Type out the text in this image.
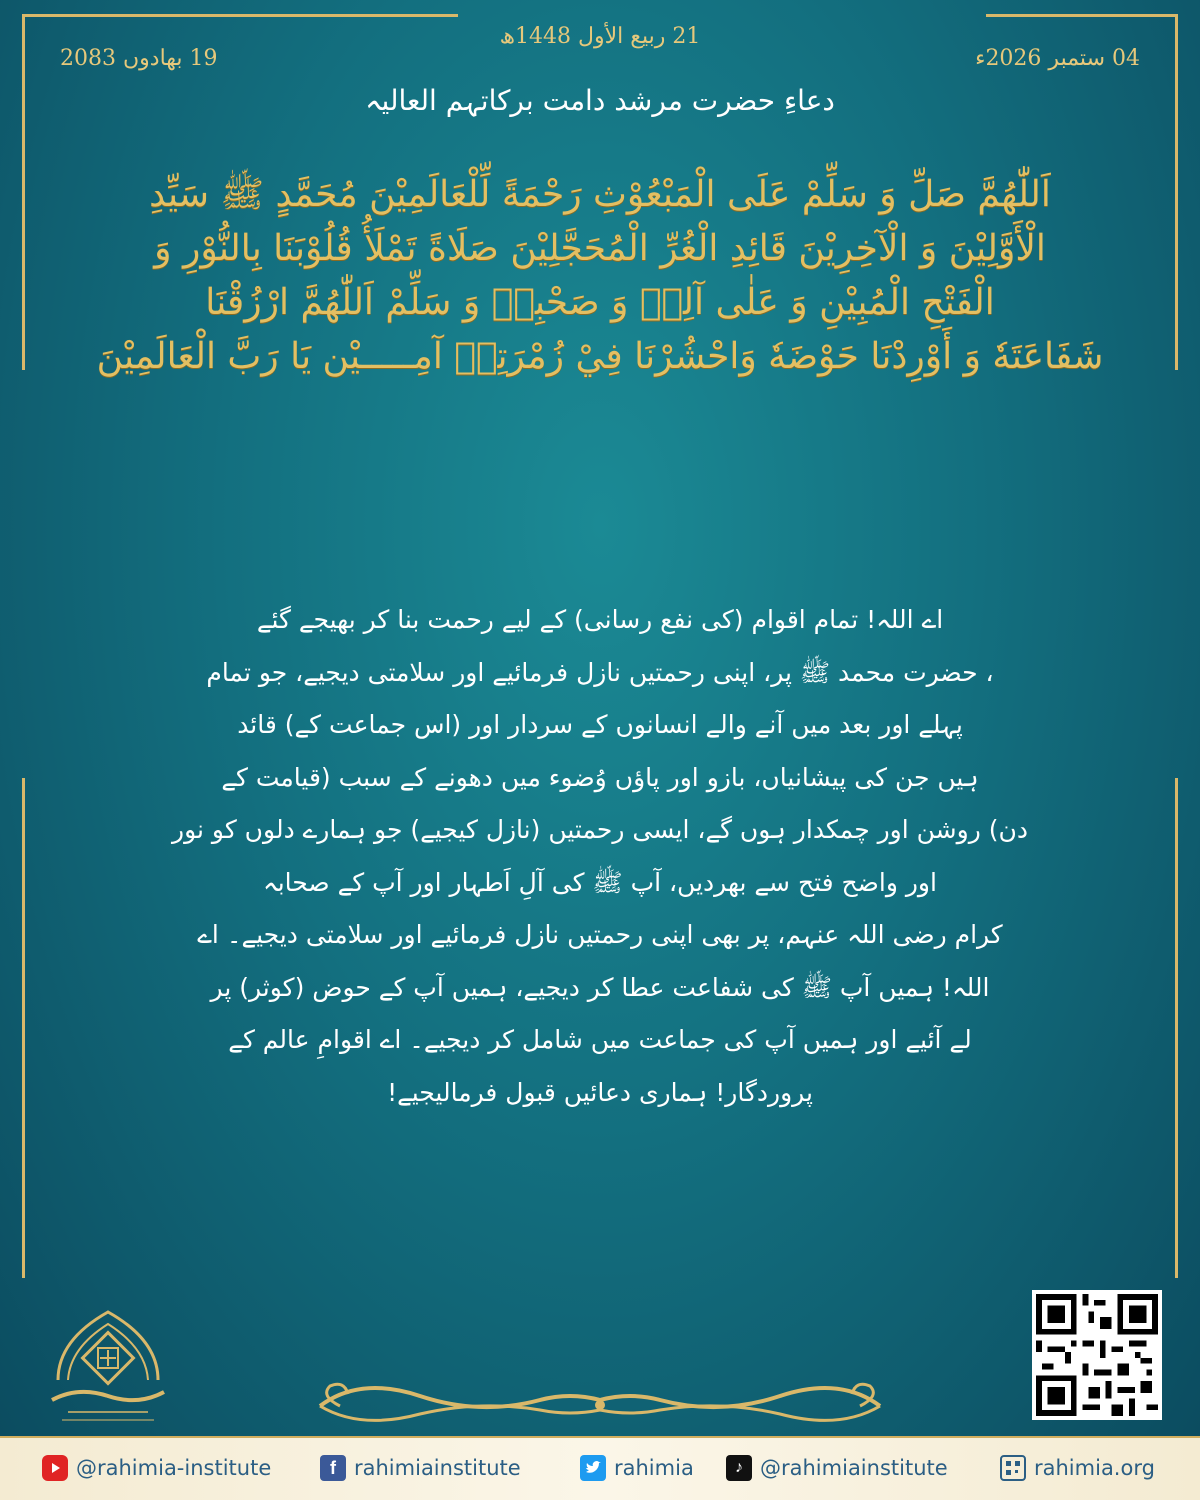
21 ربیع الأول 1448ھ
19 بھادوں 2083	04 ستمبر 2026ء
دعاءِ حضرت مرشد دامت برکاتہم العالیہ
اَللّٰهُمَّ صَلِّ وَ سَلِّمْ عَلَى الْمَبْعُوْثِ رَحْمَةً لِّلْعَالَمِيْنَ مُحَمَّدٍ ﷺ سَيِّدِ
الْأَوَّلِيْنَ وَ الْآخِرِيْنَ قَائِدِ الْغُرِّ الْمُحَجَّلِيْنَ صَلَاةً تَمْلَأُ قُلُوْبَنَا بِالنُّوْرِ وَ
الْفَتْحِ الْمُبِيْنِ وَ عَلٰى آلِهٖ وَ صَحْبِهٖ وَ سَلِّمْ اَللّٰهُمَّ ارْزُقْنَا
شَفَاعَتَهٗ وَ أَوْرِدْنَا حَوْضَهٗ وَاحْشُرْنَا فِيْ زُمْرَتِهٖ آمِـــــيْن يَا رَبَّ الْعَالَمِيْنَ
اے اللہ! تمام اقوام (کی نفع رسانی) کے لیے رحمت بنا کر بھیجے گئے
، حضرت محمد ﷺ پر، اپنی رحمتیں نازل فرمائیے اور سلامتی دیجیے، جو تمام
پہلے اور بعد میں آنے والے انسانوں کے سردار اور (اس جماعت کے) قائد
ہیں جن کی پیشانیاں، بازو اور پاؤں وُضوء میں دھونے کے سبب (قیامت کے
دن) روشن اور چمکدار ہوں گے، ایسی رحمتیں (نازل کیجیے) جو ہمارے دلوں کو نور
اور واضح فتح سے بھردیں، آپ ﷺ کی آلِ اَطہار اور آپ کے صحابہ
کرام رضی اللہ عنہم، پر بھی اپنی رحمتیں نازل فرمائیے اور سلامتی دیجیے۔ اے
اللہ! ہمیں آپ ﷺ کی شفاعت عطا کر دیجیے، ہمیں آپ کے حوض (کوثر) پر
لے آئیے اور ہمیں آپ کی جماعت میں شامل کر دیجیے۔ اے اقوامِ عالم کے
پروردگار! ہماری دعائیں قبول فرمالیجیے!
@rahimia-institute	f rahimiainstitute	rahimia	♪ @rahimiainstitute	rahimia.org
